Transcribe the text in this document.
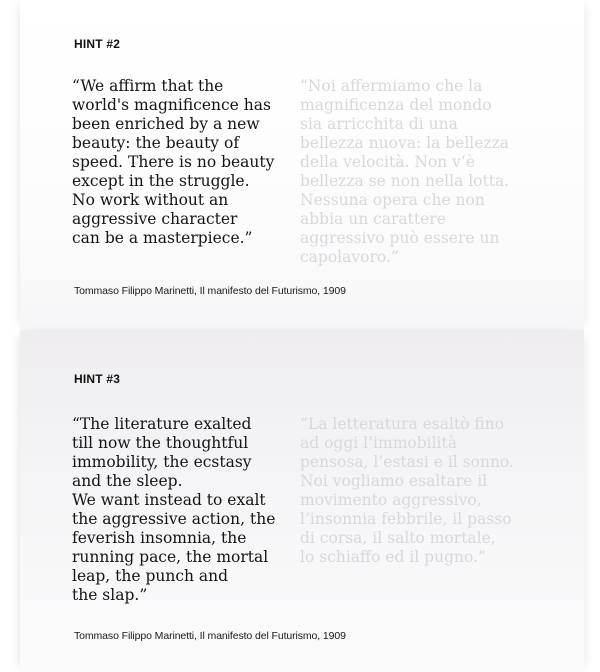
HINT #2

“We affirm that the
world's magnificence has
been enriched by a new
beauty: the beauty of
speed. There is no beauty
except in the struggle.
No work without an
aggressive character
can be a masterpiece.”

“Noi affermiamo che la
magnificenza del mondo
sia arricchita di una
bellezza nuova: la bellezza
della velocità. Non v’è
bellezza se non nella lotta.
Nessuna opera che non
abbia un carattere
aggressivo può essere un
capolavoro.”

Tommaso Filippo Marinetti, Il manifesto del Futurismo, 1909
HINT #3

“The literature exalted
till now the thoughtful
immobility, the ecstasy
and the sleep.
We want instead to exalt
the aggressive action, the
feverish insomnia, the
running pace, the mortal
leap, the punch and
the slap.”

“La letteratura esaltò fino
ad oggi l’immobilità
pensosa, l’estasi e il sonno.
Noi vogliamo esaltare il
movimento aggressivo,
l’insonnia febbrile, il passo
di corsa, il salto mortale,
lo schiaffo ed il pugno.”

Tommaso Filippo Marinetti, Il manifesto del Futurismo, 1909
